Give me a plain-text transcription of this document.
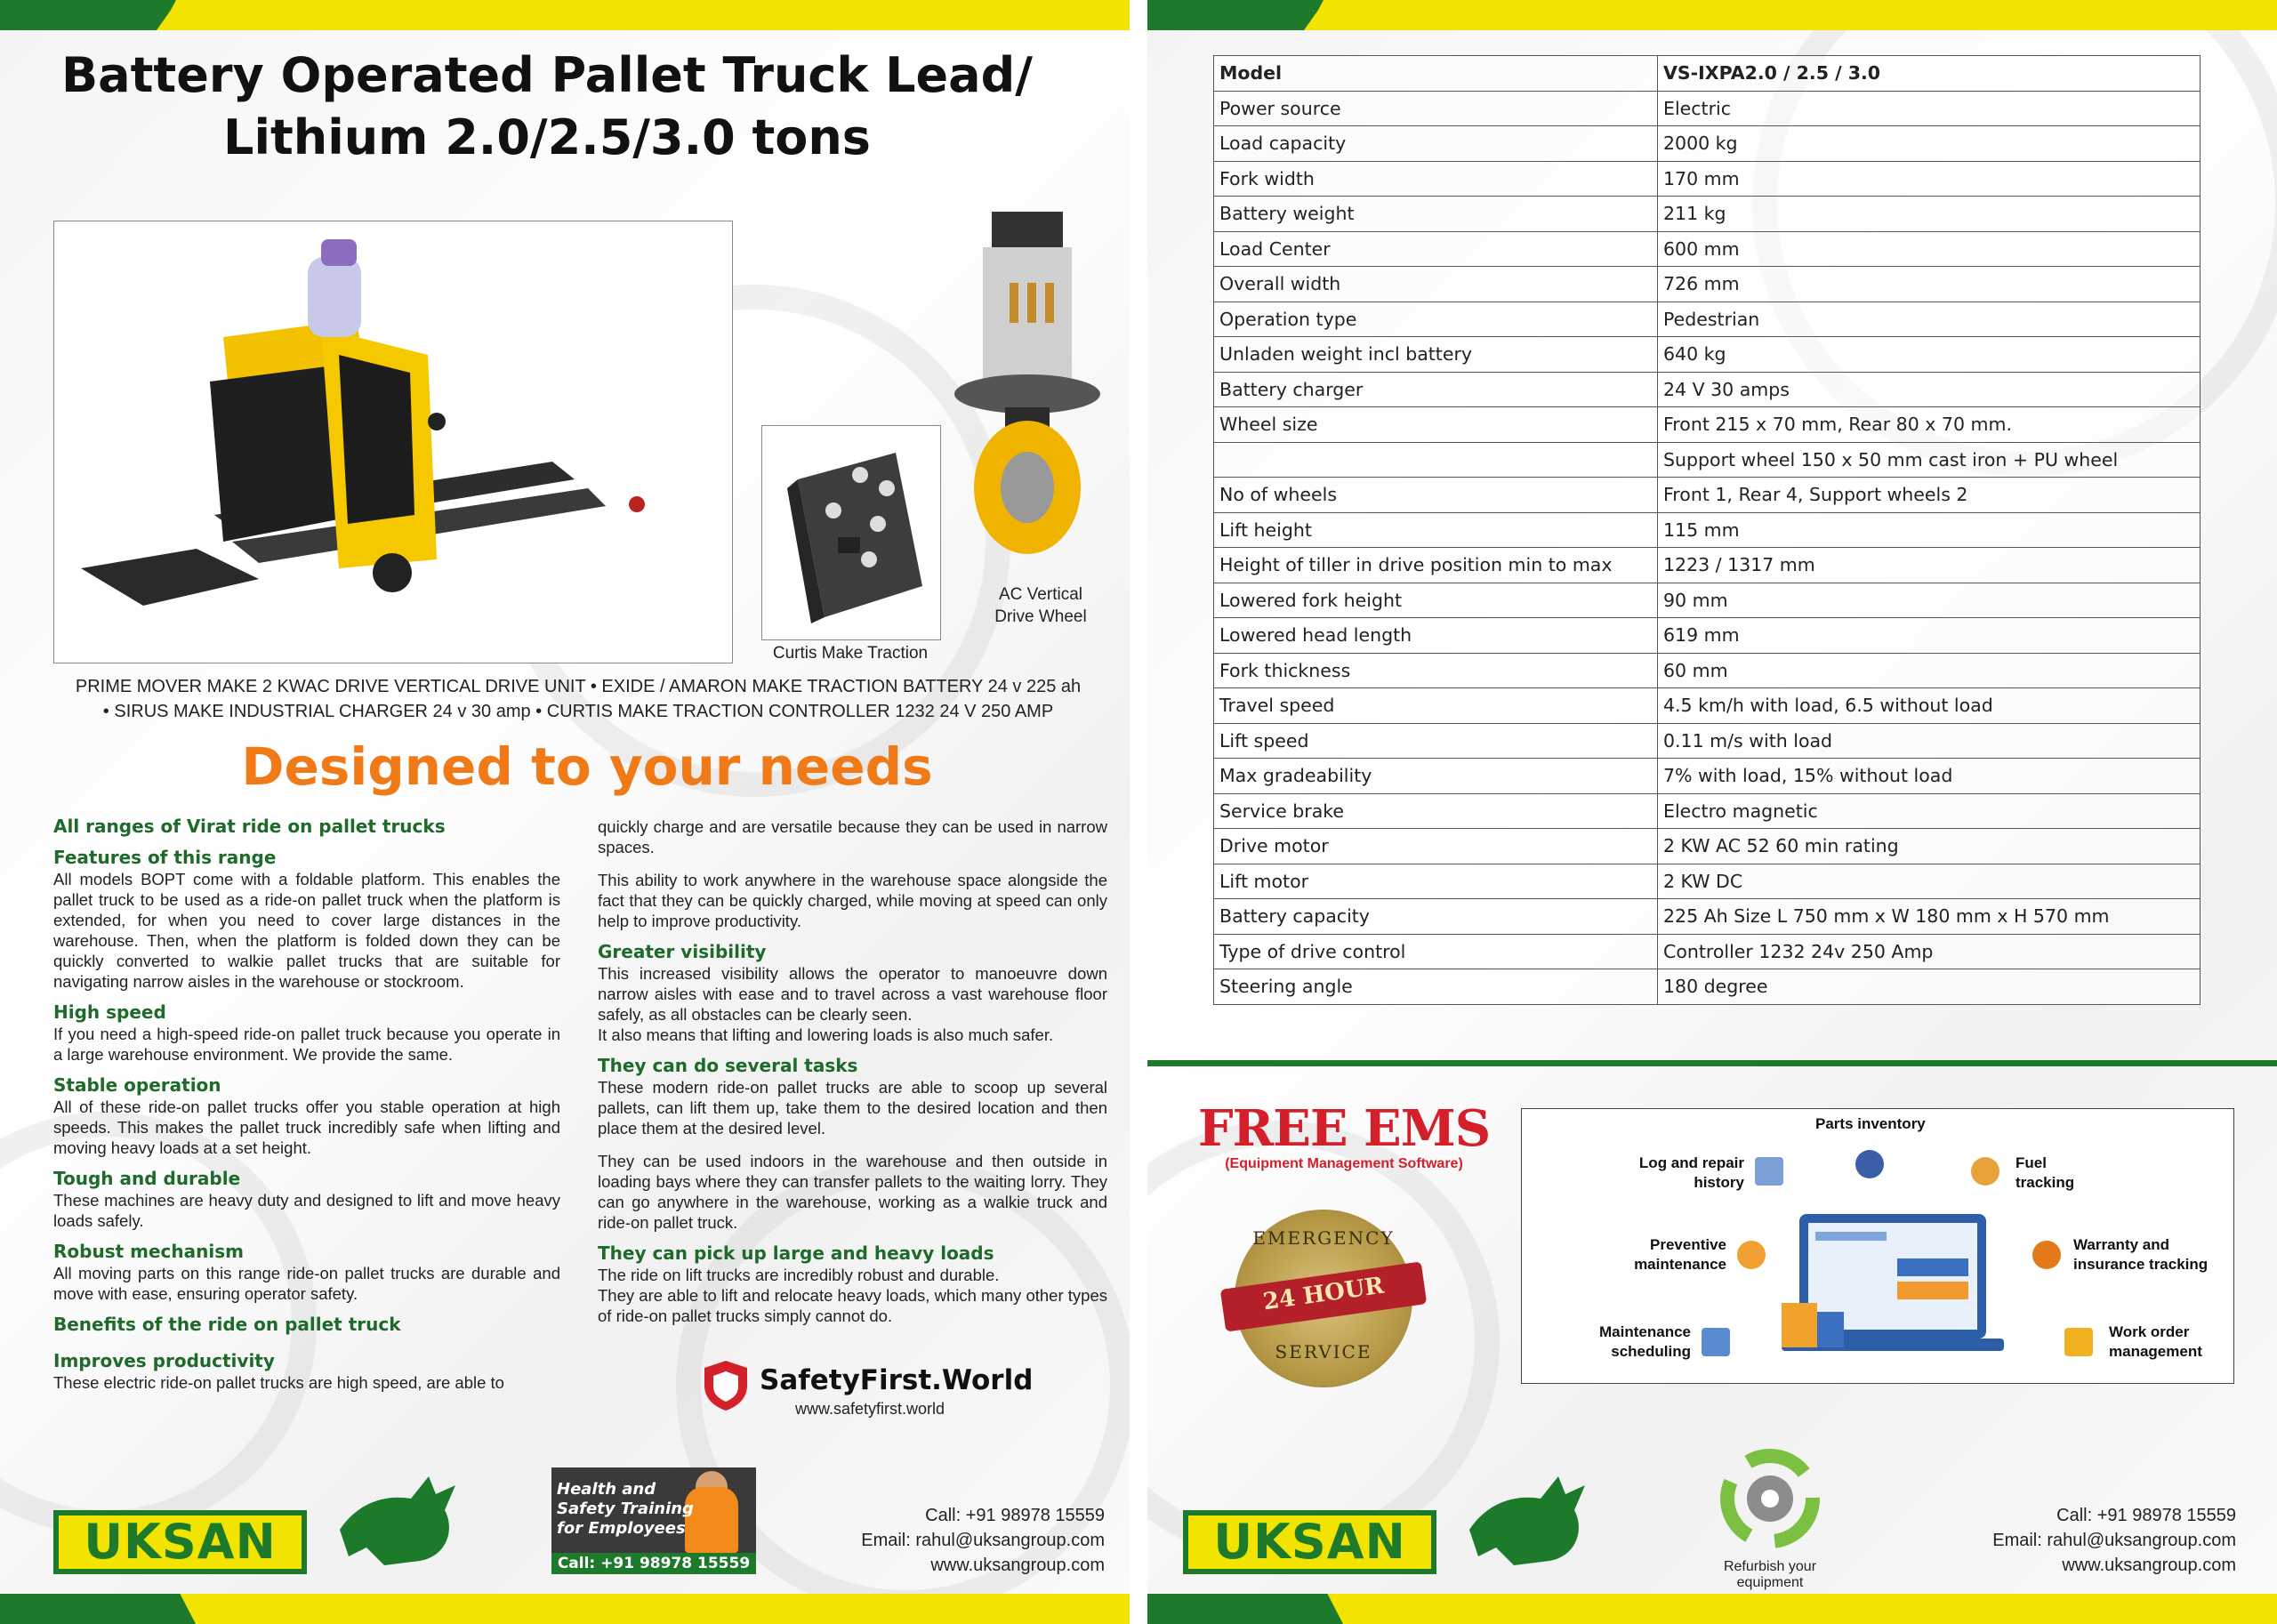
Battery Operated Pallet Truck Lead/
Lithium 2.0/2.5/3.0 tons
Curtis Make Traction
AC Vertical
Drive Wheel
PRIME MOVER MAKE 2 KWAC DRIVE VERTICAL DRIVE UNIT • EXIDE / AMARON MAKE TRACTION BATTERY 24 v 225 ah
• SIRUS MAKE INDUSTRIAL CHARGER 24 v 30 amp • CURTIS MAKE TRACTION CONTROLLER 1232 24 V 250 AMP
Designed to your needs
All ranges of Virat ride on pallet trucks
Features of this range

All models BOPT come with a foldable platform. This enables the pallet truck to be used as a ride-on pallet truck when the platform is extended, for when you need to cover large distances in the warehouse. Then, when the platform is folded down they can be quickly converted to walkie pallet trucks that are suitable for navigating narrow aisles in the warehouse or stockroom.

High speed

If you need a high-speed ride-on pallet truck because you operate in a large warehouse environment. We provide the same.

Stable operation

All of these ride-on pallet trucks offer you stable operation at high speeds. This makes the pallet truck incredibly safe when lifting and moving heavy loads at a set height.

Tough and durable

These machines are heavy duty and designed to lift and move heavy loads safely.

Robust mechanism

All moving parts on this range ride-on pallet trucks are durable and move with ease, ensuring operator safety.

Benefits of the ride on pallet truck
Improves productivity

These electric ride-on pallet trucks are high speed, are able to

quickly charge and are versatile because they can be used in narrow spaces.

This ability to work anywhere in the warehouse space alongside the fact that they can be quickly charged, while moving at speed can only help to improve productivity.

Greater visibility

This increased visibility allows the operator to manoeuvre down narrow aisles with ease and to travel across a vast warehouse floor safely, as all obstacles can be clearly seen.

It also means that lifting and lowering loads is also much safer.

They can do several tasks

These modern ride-on pallet trucks are able to scoop up several pallets, can lift them up, take them to the desired location and then place them at the desired level.

They can be used indoors in the warehouse and then outside in loading bays where they can transfer pallets to the waiting lorry. They can go anywhere in the warehouse, working as a walkie truck and ride-on pallet truck.

They can pick up large and heavy loads

The ride on lift trucks are incredibly robust and durable.

They are able to lift and relocate heavy loads, which many other types of ride-on pallet trucks simply cannot do.

SafetyFirst.World
www.safetyfirst.world
UKSAN
Health and
Safety Training
for Employees
Call: +91 98978 15559
Call: +91 98978 15559
Email: rahul@uksangroup.com
www.uksangroup.com
Model	VS-IXPA2.0 / 2.5 / 3.0
Power source	Electric
Load capacity	2000 kg
Fork width	170 mm
Battery weight	211 kg
Load Center	600 mm
Overall width	726 mm
Operation type	Pedestrian
Unladen weight incl battery	640 kg
Battery charger	24 V 30 amps
Wheel size	Front 215 x 70 mm, Rear 80 x 70 mm.
	Support wheel 150 x 50 mm cast iron + PU wheel
No of wheels	Front 1, Rear 4, Support wheels 2
Lift height	115 mm
Height of tiller in drive position min to max	1223 / 1317 mm
Lowered fork height	90 mm
Lowered head length	619 mm
Fork thickness	60 mm
Travel speed	4.5 km/h with load, 6.5 without load
Lift speed	0.11 m/s with load
Max gradeability	7% with load, 15% without load
Service brake	Electro magnetic
Drive motor	2 KW AC 52 60 min rating
Lift motor	2 KW DC
Battery capacity	225 Ah Size L 750 mm x W 180 mm x H 570 mm
Type of drive control	Controller 1232 24v 250 Amp
Steering angle	180 degree
FREE EMS
(Equipment Management Software)
EMERGENCY
24 HOUR
SERVICE
Parts inventory
Log and repair
history
Fuel
tracking
Preventive
maintenance
Warranty and
insurance tracking
Maintenance
scheduling
Work order
management
Refurbish your equipment
UKSAN	Call: +91 98978 15559
Email: rahul@uksangroup.com
www.uksangroup.com
